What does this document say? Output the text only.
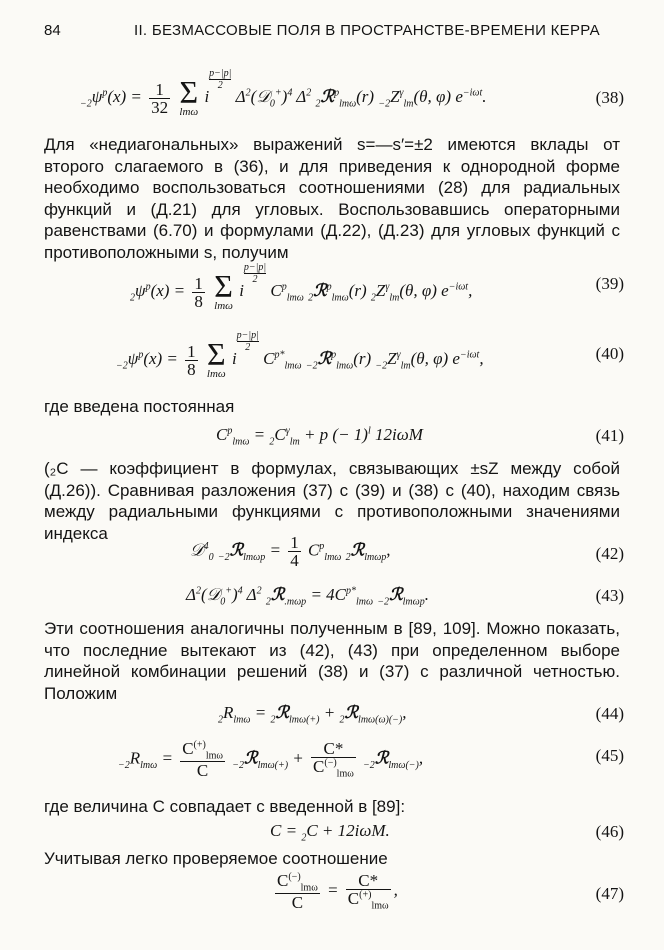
84	II. БЕЗМАССОВЫЕ ПОЛЯ В ПРОСТРАНСТВЕ-ВРЕМЕНИ КЕРРА
$_{-2}\psi^p(x) = \frac{1}{32}$
Σ
lmω
i
$\frac{p-|p|}{2}$ $\Delta^2(𝒟_0^+)^4$ $\Delta^2$ $_2$ℛ$^p_{lm\omega}$(r) $_{-2}Z^\gamma_{lm}(\theta$, φ) $e^{-i\omega t}$.	(38)
Для «недиагональных» выражений s=—s′=±2 имеются вклады от второго слагаемого в (36), и для приведения к однородной форме необходимо воспользоваться соотношениями (28) для радиальных функций и (Д.21) для угловых. Воспользовавшись операторными равенствами (6.70) и формулами (Д.22), (Д.23) для угловых функций с противоположными s, получим
$_2\psi^p(x) = \frac{1}{8}$
Σ
lmω
i
$\frac{p-|p|}{2} C^p_{lm\omega}$ $_2$ℛ$^p_{lm\omega}$(r) $_2Z^\gamma_{lm}(\theta$, φ) $e^{-i\omega t}$,	(39)
$_{-2}\psi^p(x) = \frac{1}{8}$
Σ
lmω
i
$\frac{p-|p|}{2} C^{p*}_{lm\omega}$ $_{-2}$ℛ$^p_{lm\omega}$(r) $_{-2}Z^\gamma_{lm}(\theta$, φ) $e^{-i\omega t}$,	(40)
где введена постоянная
$C^p_{lm\omega} = _2C^\gamma_{lm} + p$ (− 1)$^l$ 12iωM	(41)
(₂C — коэффициент в формулах, связывающих ±sZ между собой (Д.26)). Сравнивая разложения (37) с (39) и (38) с (40), находим связь между радиальными функциями с противоположными значениями индекса
𝒟$^4_0$ $_{-2}$ℛ$_{lm\omega p}$ = $\frac{1}{4} C^p_{lm\omega}$ $_2$ℛ$_{lm\omega p}$,	(42)
$\Delta^2(𝒟_0^+)^4$ $\Delta^2$ $_2$ℛ$_{.m\omega p}$ = $4C^{p*}_{lm\omega}$ $_{-2}$ℛ$_{lm\omega p}$.	(43)
Эти соотношения аналогичны полученным в [89, 109]. Можно показать, что последние вытекают из (42), (43) при определенном выборе линейной комбинации решений (38) и (37) с различной четностью. Положим
$_2R_{lm\omega}$ = $_2$ℛ$_{lm\omega(+)}$ + $_2$ℛ$_{lm\omega(\omega)(-)}$,	(44)
$_{-2}R_{lm\omega} = \frac{C^{(+)}_{lm\omega}}{C}$ $_{-2}$ℛ$_{lm\omega(+)}$ + $\frac{C*}{C^{(-)}_{lm\omega}}$ $_{-2}$ℛ$_{lm\omega(-)}$,	(45)
где величина C совпадает с введенной в [89]:
C = $_2$C + 12iωM.	(46)
Учитывая легко проверяемое соотношение
$\frac{C^{(-)}_{lm\omega}}{C} = \frac{C*}{C^{(+)}_{lm\omega}}$ ,	(47)
